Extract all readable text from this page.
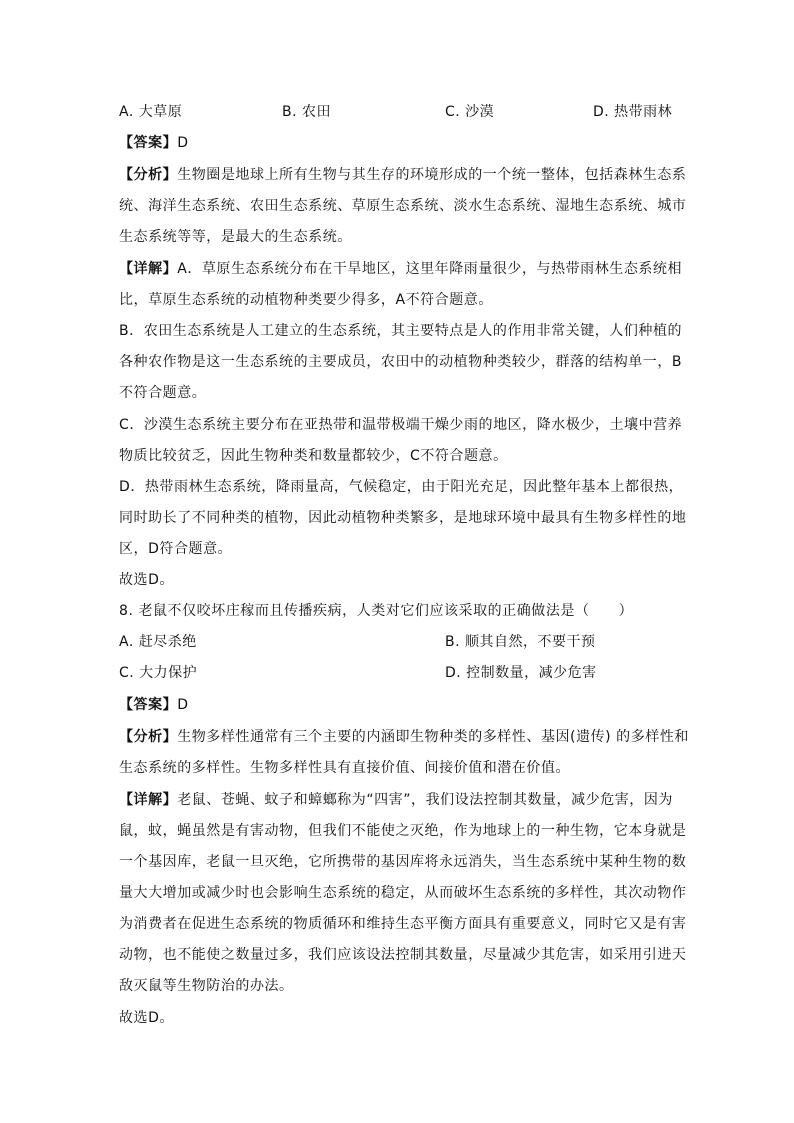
A. 大草原	B. 农田	C. 沙漠	D. 热带雨林
【答案】D
【分析】生物圈是地球上所有生物与其生存的环境形成的一个统一整体，包括森林生态系
统、海洋生态系统、农田生态系统、草原生态系统、淡水生态系统、湿地生态系统、城市
生态系统等等，是最大的生态系统。
【详解】A．草原生态系统分布在干旱地区，这里年降雨量很少，与热带雨林生态系统相
比，草原生态系统的动植物种类要少得多，A不符合题意。
B．农田生态系统是人工建立的生态系统，其主要特点是人的作用非常关键，人们种植的
各种农作物是这一生态系统的主要成员，农田中的动植物种类较少，群落的结构单一，B
不符合题意。
C．沙漠生态系统主要分布在亚热带和温带极端干燥少雨的地区，降水极少，土壤中营养
物质比较贫乏，因此生物种类和数量都较少，C不符合题意。
D．热带雨林生态系统，降雨量高，气候稳定，由于阳光充足，因此整年基本上都很热，
同时助长了不同种类的植物，因此动植物种类繁多，是地球环境中最具有生物多样性的地
区，D符合题意。
故选D。
8. 老鼠不仅咬坏庄稼而且传播疾病，人类对它们应该采取的正确做法是（　　）
A. 赶尽杀绝	B. 顺其自然，不要干预
C. 大力保护	D. 控制数量，减少危害
【答案】D
【分析】生物多样性通常有三个主要的内涵即生物种类的多样性、基因(遗传) 的多样性和
生态系统的多样性。生物多样性具有直接价值、间接价值和潜在价值。
【详解】老鼠、苍蝇、蚊子和蟑螂称为“四害”，我们设法控制其数量，减少危害，因为
鼠，蚊，蝇虽然是有害动物，但我们不能使之灭绝，作为地球上的一种生物，它本身就是
一个基因库，老鼠一旦灭绝，它所携带的基因库将永远消失，当生态系统中某种生物的数
量大大增加或减少时也会影响生态系统的稳定，从而破坏生态系统的多样性，其次动物作
为消费者在促进生态系统的物质循环和维持生态平衡方面具有重要意义，同时它又是有害
动物，也不能使之数量过多，我们应该设法控制其数量，尽量减少其危害，如采用引进天
敌灭鼠等生物防治的办法。
故选D。
